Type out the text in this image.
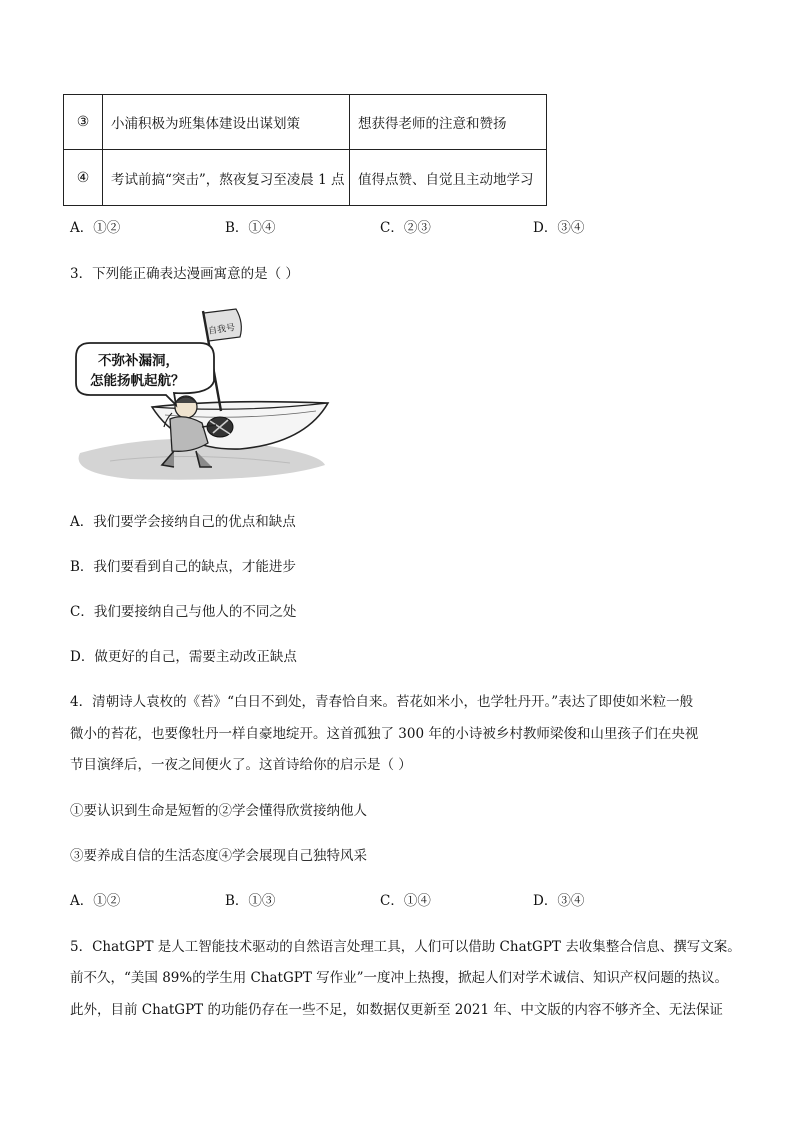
③	小浦积极为班集体建设出谋划策	想获得老师的注意和赞扬
④	考试前搞“突击”，熬夜复习至凌晨 1 点	值得点赞、自觉且主动地学习
A．①②	B．①④	C．②③	D．③④
3．下列能正确表达漫画寓意的是（ ）
自我号
不弥补漏洞，
怎能扬帆起航？
A．我们要学会接纳自己的优点和缺点
B．我们要看到自己的缺点，才能进步
C．我们要接纳自己与他人的不同之处
D．做更好的自己，需要主动改正缺点
4．清朝诗人袁枚的《苔》“白日不到处，青春恰自来。苔花如米小，也学牡丹开。”表达了即使如米粒一般
微小的苔花，也要像牡丹一样自豪地绽开。这首孤独了 300 年的小诗被乡村教师梁俊和山里孩子们在央视
节目演绎后，一夜之间便火了。这首诗给你的启示是（ ）
①要认识到生命是短暂的②学会懂得欣赏接纳他人
③要养成自信的生活态度④学会展现自己独特风采
A．①②	B．①③	C．①④	D．③④
5．ChatGPT 是人工智能技术驱动的自然语言处理工具，人们可以借助 ChatGPT 去收集整合信息、撰写文案。
前不久，“美国 89%的学生用 ChatGPT 写作业”一度冲上热搜，掀起人们对学术诚信、知识产权问题的热议。
此外，目前 ChatGPT 的功能仍存在一些不足，如数据仅更新至 2021 年、中文版的内容不够齐全、无法保证
